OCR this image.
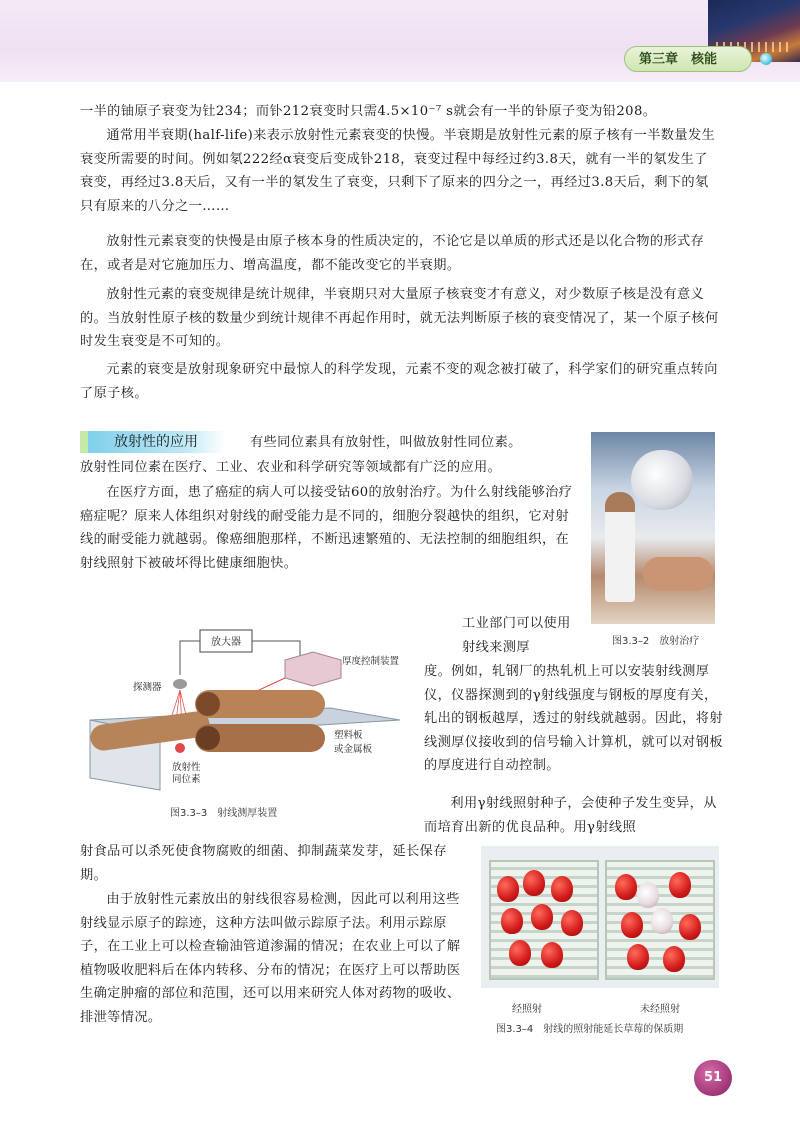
第三章　核能

一半的铀原子衰变为钍234；而钋212衰变时只需4.5×10⁻⁷ s就会有一半的钋原子变为铅208。

通常用半衰期(half-life)来表示放射性元素衰变的快慢。半衰期是放射性元素的原子核有一半数量发生衰变所需要的时间。例如氡222经α衰变后变成钋218，衰变过程中每经过约3.8天，就有一半的氡发生了衰变，再经过3.8天后，又有一半的氡发生了衰变，只剩下了原来的四分之一，再经过3.8天后，剩下的氡只有原来的八分之一……

放射性元素衰变的快慢是由原子核本身的性质决定的，不论它是以单质的形式还是以化合物的形式存在，或者是对它施加压力、增高温度，都不能改变它的半衰期。

放射性元素的衰变规律是统计规律，半衰期只对大量原子核衰变才有意义，对少数原子核是没有意义的。当放射性原子核的数量少到统计规律不再起作用时，就无法判断原子核的衰变情况了，某一个原子核何时发生衰变是不可知的。

元素的衰变是放射现象研究中最惊人的科学发现，元素不变的观念被打破了，科学家们的研究重点转向了原子核。

放射性的应用	有些同位素具有放射性，叫做放射性同位素。

放射性同位素在医疗、工业、农业和科学研究等领域都有广泛的应用。

在医疗方面，患了癌症的病人可以接受钴60的放射治疗。为什么射线能够治疗癌症呢？原来人体组织对射线的耐受能力是不同的，细胞分裂越快的组织，它对射线的耐受能力就越弱。像癌细胞那样，不断迅速繁殖的、无法控制的细胞组织，在射线照射下被破坏得比健康细胞快。

图3.3–2　放射治疗

工业部门可以使用射线来测厚

度。例如，轧钢厂的热轧机上可以安装射线测厚仪，仪器探测到的γ射线强度与钢板的厚度有关，轧出的钢板越厚，透过的射线就越弱。因此，将射线测厚仪接收到的信号输入计算机，就可以对钢板的厚度进行自动控制。

放大器
厚度控制装置
探测器
放射性
同位素
塑料板
或金属板
图3.3–3　射线测厚装置

利用γ射线照射种子，会使种子发生变异，从而培育出新的优良品种。用γ射线照

射食品可以杀死使食物腐败的细菌、抑制蔬菜发芽，延长保存期。

由于放射性元素放出的射线很容易检测，因此可以利用这些射线显示原子的踪迹，这种方法叫做示踪原子法。利用示踪原子，在工业上可以检查输油管道渗漏的情况；在农业上可以了解植物吸收肥料后在体内转移、分布的情况；在医疗上可以帮助医生确定肿瘤的部位和范围，还可以用来研究人体对药物的吸收、排泄等情况。	经照射	未经照射
图3.3–4　射线的照射能延长草莓的保质期
51
